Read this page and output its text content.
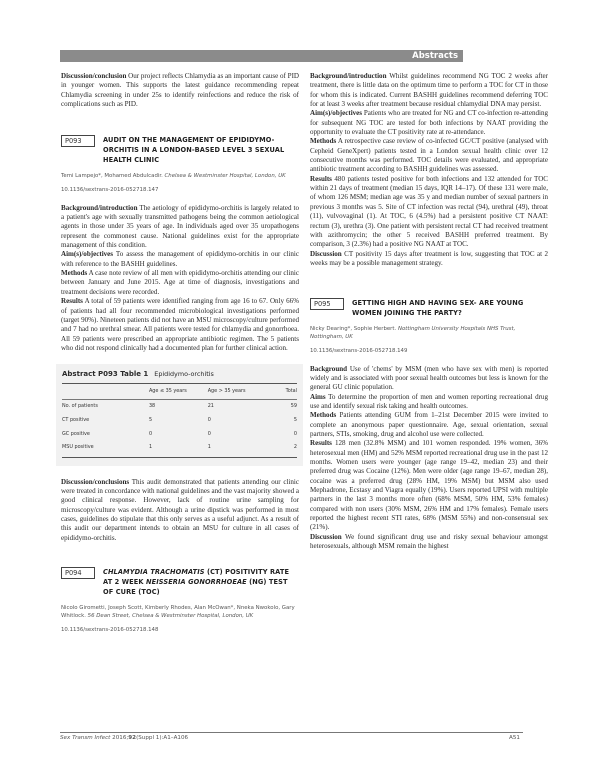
Abstracts

Discussion/conclusion Our project reflects Chlamydia as an important cause of PID in younger women. This supports the latest guidance recommending repeat Chlamydia screening in under 25s to identify reinfections and reduce the risk of complications such as PID.

P093	AUDIT ON THE MANAGEMENT OF EPIDIDYMO-ORCHITIS IN A LONDON-BASED LEVEL 3 SEXUAL HEALTH CLINIC
Temi Lampejo*, Mohamed Abdulcadir. Chelsea & Westminster Hospital, London, UK
10.1136/sextrans-2016-052718.147

Background/introduction The aetiology of epididymo-orchitis is largely related to a patient's age with sexually transmitted pathogens being the common aetiological agents in those under 35 years of age. In individuals aged over 35 uropathogens represent the commonest cause. National guidelines exist for the appropriate management of this condition.

Aim(s)/objectives To assess the management of epididymo-orchitis in our clinic with reference to the BASHH guidelines.

Methods A case note review of all men with epididymo-orchitis attending our clinic between January and June 2015. Age at time of diagnosis, investigations and treatment decisions were recorded.

Results A total of 59 patients were identified ranging from age 16 to 67. Only 66% of patients had all four recommended microbiological investigations performed (target 90%). Nineteen patients did not have an MSU microscopy/culture performed and 7 had no urethral smear. All patients were tested for chlamydia and gonorrhoea. All 59 patients were prescribed an appropriate antibiotic regimen. The 5 patients who did not respond clinically had a documented plan for further clinical action.

Abstract P093 Table 1 Epididymo-orchitis
	Age ≤ 35 years	Age > 35 years	Total
No. of patients	38	21	59
CT positive	5	0	5
GC positive	0	0	0
MSU positive	1	1	2

Discussion/conclusions This audit demonstrated that patients attending our clinic were treated in concordance with national guidelines and the vast majority showed a good clinical response. However, lack of routine urine sampling for microscopy/culture was evident. Although a urine dipstick was performed in most cases, guidelines do stipulate that this only serves as a useful adjunct. As a result of this audit our department intends to obtain an MSU for culture in all cases of epididymo-orchitis.

P094	CHLAMYDIA TRACHOMATIS (CT) POSITIVITY RATE AT 2 WEEK NEISSERIA GONORRHOEAE (NG) TEST OF CURE (TOC)
Nicolo Girometti, Joseph Scott, Kimberly Rhodes, Alan McOwan*, Nneka Nwokolo, Gary Whitlock. 56 Dean Street, Chelsea & Westminster Hospital, London, UK
10.1136/sextrans-2016-052718.148

Background/introduction Whilst guidelines recommend NG TOC 2 weeks after treatment, there is little data on the optimum time to perform a TOC for CT in those for whom this is indicated. Current BASHH guidelines recommend deferring TOC for at least 3 weeks after treatment because residual chlamydial DNA may persist.

Aim(s)/objectives Patients who are treated for NG and CT co-infection re-attending for subsequent NG TOC are tested for both infections by NAAT providing the opportunity to evaluate the CT positivity rate at re-attendance.

Methods A retrospective case review of co-infected GC/CT positive (analysed with Cepheid GeneXpert) patients tested in a London sexual health clinic over 12 consecutive months was performed. TOC details were evaluated, and appropriate antibiotic treatment according to BASHH guidelines was assessed.

Results 480 patients tested positive for both infections and 132 attended for TOC within 21 days of treatment (median 15 days, IQR 14–17). Of these 131 were male, of whom 126 MSM; median age was 35 y and median number of sexual partners in previous 3 months was 5. Site of CT infection was rectal (94), urethral (49), throat (11), vulvovaginal (1). At TOC, 6 (4.5%) had a persistent positive CT NAAT: rectum (3), urethra (3). One patient with persistent rectal CT had received treatment with azithromycin; the other 5 received BASHH preferred treatment. By comparison, 3 (2.3%) had a positive NG NAAT at TOC.

Discussion CT positivity 15 days after treatment is low, suggesting that TOC at 2 weeks may be a possible management strategy.

P095	GETTING HIGH AND HAVING SEX- ARE YOUNG WOMEN JOINING THE PARTY?
Nicky Dearing*, Sophie Herbert. Nottingham University Hospitals NHS Trust, Nottingham, UK
10.1136/sextrans-2016-052718.149

Background Use of 'chems' by MSM (men who have sex with men) is reported widely and is associated with poor sexual health outcomes but less is known for the general GU clinic population.

Aims To determine the proportion of men and women reporting recreational drug use and identify sexual risk taking and health outcomes.

Methods Patients attending GUM from 1–21st December 2015 were invited to complete an anonymous paper questionnaire. Age, sexual orientation, sexual partners, STIs, smoking, drug and alcohol use were collected.

Results 128 men (32.8% MSM) and 101 women responded. 19% women, 36% heterosexual men (HM) and 52% MSM reported recreational drug use in the past 12 months. Women users were younger (age range 19–42, median 23) and their preferred drug was Cocaine (12%). Men were older (age range 19–67, median 28), cocaine was a preferred drug (28% HM, 19% MSM) but MSM also used Mephadrone, Ecstasy and Viagra equally (19%). Users reported UPSI with multiple partners in the last 3 months more often (68% MSM, 50% HM, 53% females) compared with non users (30% MSM, 26% HM and 17% females). Female users reported the highest recent STI rates, 68% (MSM 55%) and non-consensual sex (21%).

Discussion We found significant drug use and risky sexual behaviour amongst heterosexuals, although MSM remain the highest

Sex Transm Infect 2016;92(Suppl 1):A1–A106	A51
